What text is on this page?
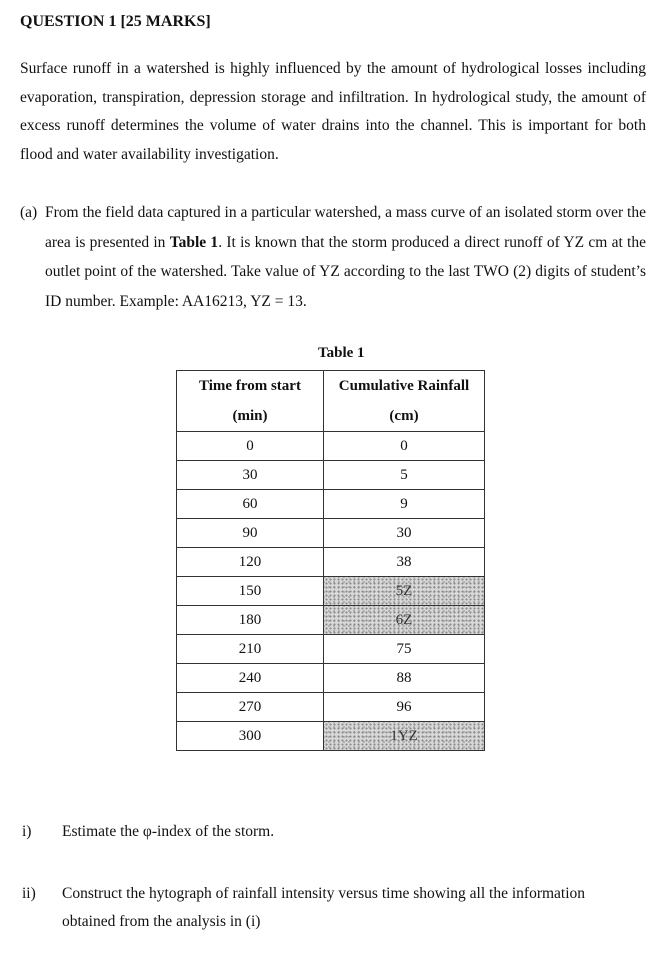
QUESTION 1 [25 MARKS]
Surface runoff in a watershed is highly influenced by the amount of hydrological losses including evaporation, transpiration, depression storage and infiltration. In hydrological study, the amount of excess runoff determines the volume of water drains into the channel. This is important for both flood and water availability investigation.
(a) From the field data captured in a particular watershed, a mass curve of an isolated storm over the area is presented in Table 1. It is known that the storm produced a direct runoff of YZ cm at the outlet point of the watershed. Take value of YZ according to the last TWO (2) digits of student’s ID number. Example: AA16213, YZ = 13.
Table 1
Time from start	Cumulative Rainfall
(min)	(cm)
0	0
30	5
60	9
90	30
120	38
150	5Z
180	6Z
210	75
240	88
270	96
300	1YZ
i) Estimate the φ-index of the storm.
ii) Construct the hytograph of rainfall intensity versus time showing all the information obtained from the analysis in (i)
